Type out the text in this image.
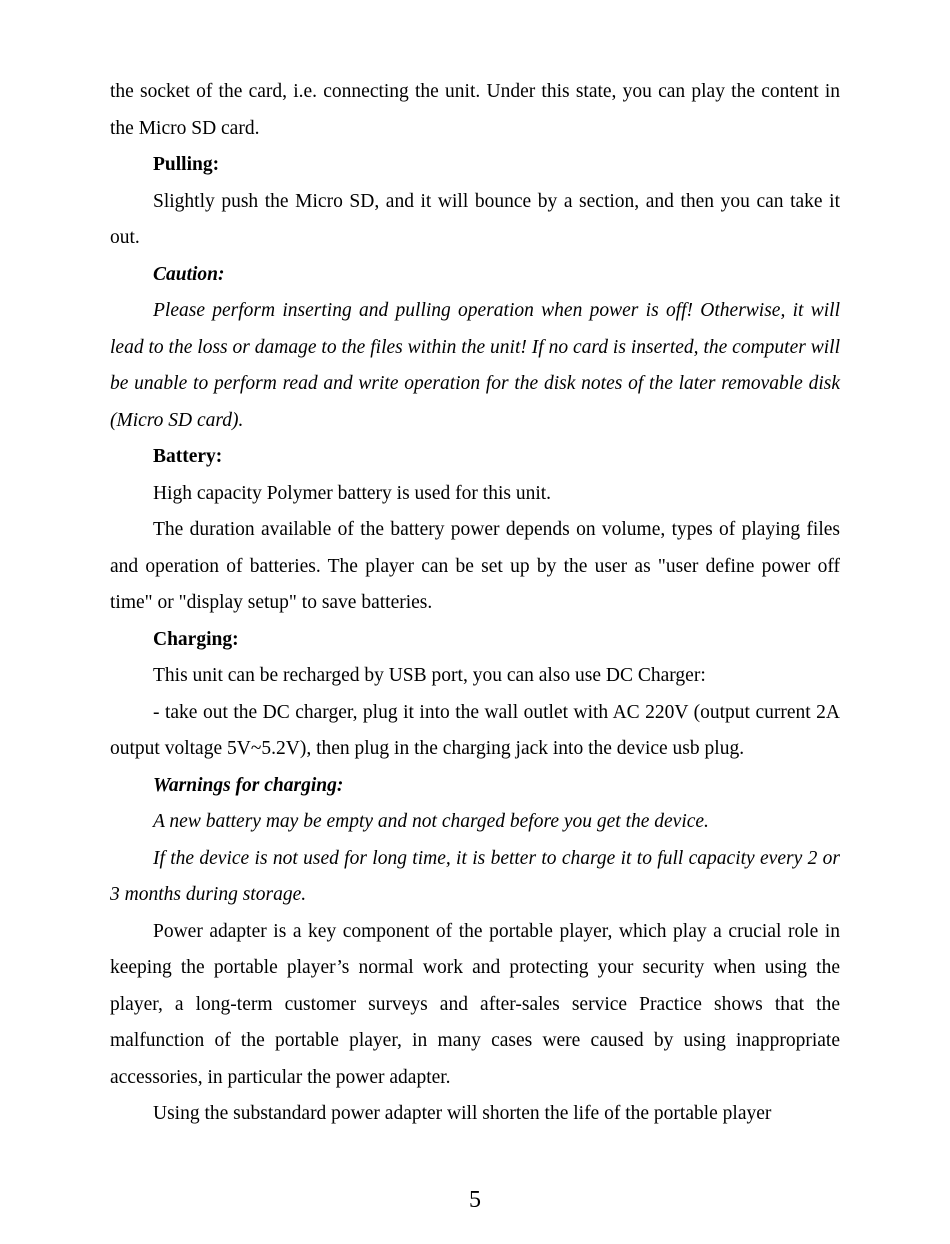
the socket of the card, i.e. connecting the unit. Under this state, you can play the content in the Micro SD card.

Pulling:

Slightly push the Micro SD, and it will bounce by a section, and then you can take it out.

Caution:

Please perform inserting and pulling operation when power is off! Otherwise, it will lead to the loss or damage to the files within the unit! If no card is inserted, the computer will be unable to perform read and write operation for the disk notes of the later removable disk (Micro SD card).

Battery:

High capacity Polymer battery is used for this unit.

The duration available of the battery power depends on volume, types of playing files and operation of batteries. The player can be set up by the user as "user define power off time" or "display setup" to save batteries.

Charging:

This unit can be recharged by USB port, you can also use DC Charger:

- take out the DC charger, plug it into the wall outlet with AC 220V (output current 2A output voltage 5V~5.2V), then plug in the charging jack into the device usb plug.

Warnings for charging:

A new battery may be empty and not charged before you get the device.

If the device is not used for long time, it is better to charge it to full capacity every 2 or 3 months during storage.

Power adapter is a key component of the portable player, which play a crucial role in keeping the portable player’s normal work and protecting your security when using the player, a long-term customer surveys and after-sales service Practice shows that the malfunction of the portable player, in many cases were caused by using inappropriate accessories, in particular the power adapter.

Using the substandard power adapter will shorten the life of the portable player

5
